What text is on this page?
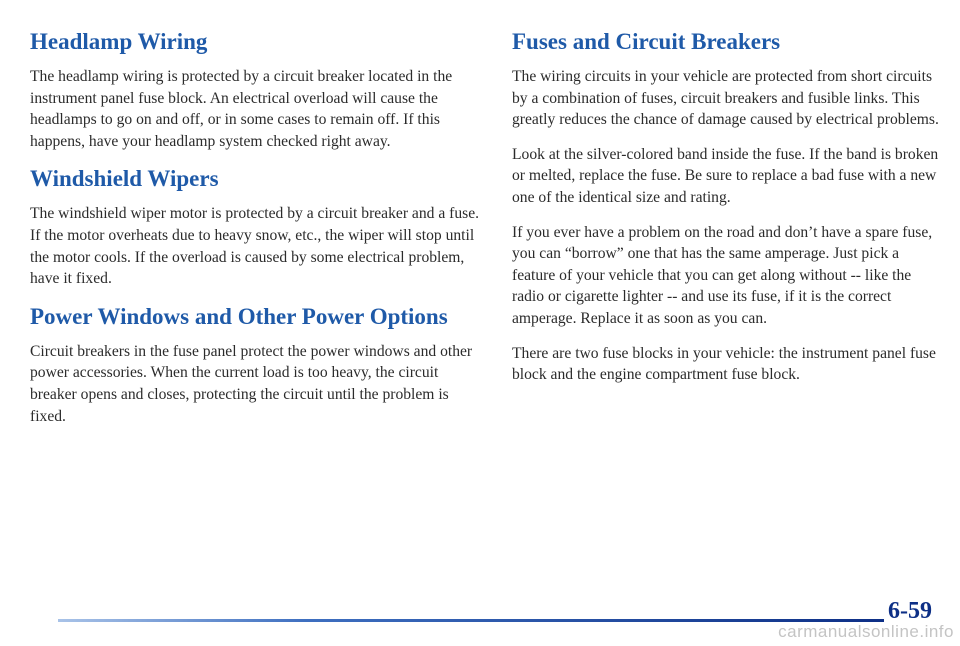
Headlamp Wiring

The headlamp wiring is protected by a circuit breaker located in the instrument panel fuse block. An electrical overload will cause the headlamps to go on and off, or in some cases to remain off. If this happens, have your headlamp system checked right away.

Windshield Wipers

The windshield wiper motor is protected by a circuit breaker and a fuse. If the motor overheats due to heavy snow, etc., the wiper will stop until the motor cools. If the overload is caused by some electrical problem, have it fixed.

Power Windows and Other Power Options

Circuit breakers in the fuse panel protect the power windows and other power accessories. When the current load is too heavy, the circuit breaker opens and closes, protecting the circuit until the problem is fixed.

Fuses and Circuit Breakers

The wiring circuits in your vehicle are protected from short circuits by a combination of fuses, circuit breakers and fusible links. This greatly reduces the chance of damage caused by electrical problems.

Look at the silver-colored band inside the fuse. If the band is broken or melted, replace the fuse. Be sure to replace a bad fuse with a new one of the identical size and rating.

If you ever have a problem on the road and don’t have a spare fuse, you can “borrow” one that has the same amperage. Just pick a feature of your vehicle that you can get along without -- like the radio or cigarette lighter -- and use its fuse, if it is the correct amperage. Replace it as soon as you can.

There are two fuse blocks in your vehicle: the instrument panel fuse block and the engine compartment fuse block.

6-59
carmanualsonline.info
